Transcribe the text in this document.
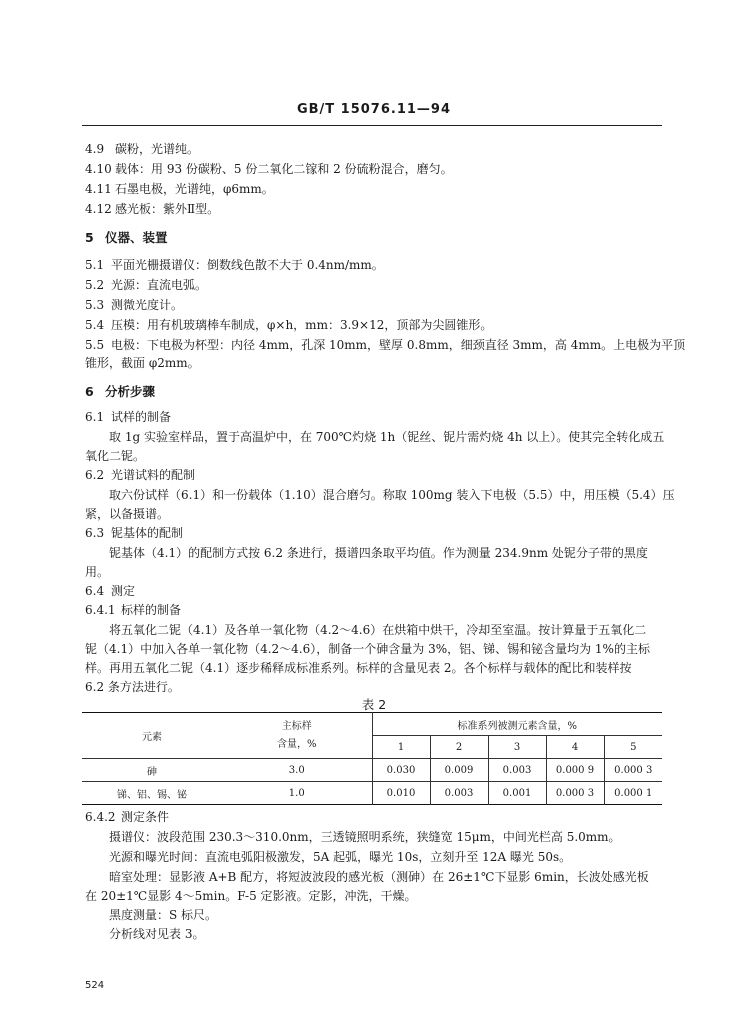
GB/T 15076.11—94
4.9 碳粉，光谱纯。
4.10 载体：用 93 份碳粉、5 份二氧化二镓和 2 份硫粉混合，磨匀。
4.11 石墨电极，光谱纯，φ6mm。
4.12 感光板：紫外Ⅱ型。
5 仪器、装置
5.1 平面光栅摄谱仪：倒数线色散不大于 0.4nm/mm。
5.2 光源：直流电弧。
5.3 测微光度计。
5.4 压模：用有机玻璃棒车制成，φ×h，mm：3.9×12，顶部为尖圆锥形。
5.5 电极：下电极为杯型：内径 4mm，孔深 10mm，壁厚 0.8mm，细颈直径 3mm，高 4mm。上电极为平顶
锥形，截面 φ2mm。
6 分析步骤
6.1 试样的制备
取 1g 实验室样品，置于高温炉中，在 700℃灼烧 1h（铌丝、铌片需灼烧 4h 以上）。使其完全转化成五
氧化二铌。
6.2 光谱试料的配制
取六份试样（6.1）和一份载体（1.10）混合磨匀。称取 100mg 装入下电极（5.5）中，用压模（5.4）压
紧，以备摄谱。
6.3 铌基体的配制
铌基体（4.1）的配制方式按 6.2 条进行，摄谱四条取平均值。作为测量 234.9nm 处铌分子带的黑度
用。
6.4 测定
6.4.1 标样的制备
将五氧化二铌（4.1）及各单一氧化物（4.2～4.6）在烘箱中烘干，冷却至室温。按计算量于五氧化二
铌（4.1）中加入各单一氧化物（4.2～4.6），制备一个砷含量为 3%，铝、锑、锡和铋含量均为 1%的主标
样。再用五氧化二铌（4.1）逐步稀释成标准系列。标样的含量见表 2。各个标样与载体的配比和装样按
6.2 条方法进行。
表 2
元素	主标样
含量，%	标准系列被测元素含量，%				
		1	2	3	4	5
砷	3.0	0.030	0.009	0.003	0.000 9	0.000 3
锑、铝、锡、铋	1.0	0.010	0.003	0.001	0.000 3	0.000 1
6.4.2 测定条件
摄谱仪：波段范围 230.3～310.0nm，三透镜照明系统，狭缝宽 15μm，中间光栏高 5.0mm。
光源和曝光时间：直流电弧阳极激发，5A 起弧，曝光 10s，立刻升至 12A 曝光 50s。
暗室处理：显影液 A+B 配方，将短波波段的感光板（测砷）在 26±1℃下显影 6min，长波处感光板
在 20±1℃显影 4～5min。F-5 定影液。定影，冲洗，干燥。
黑度测量：S 标尺。
分析线对见表 3。
524
